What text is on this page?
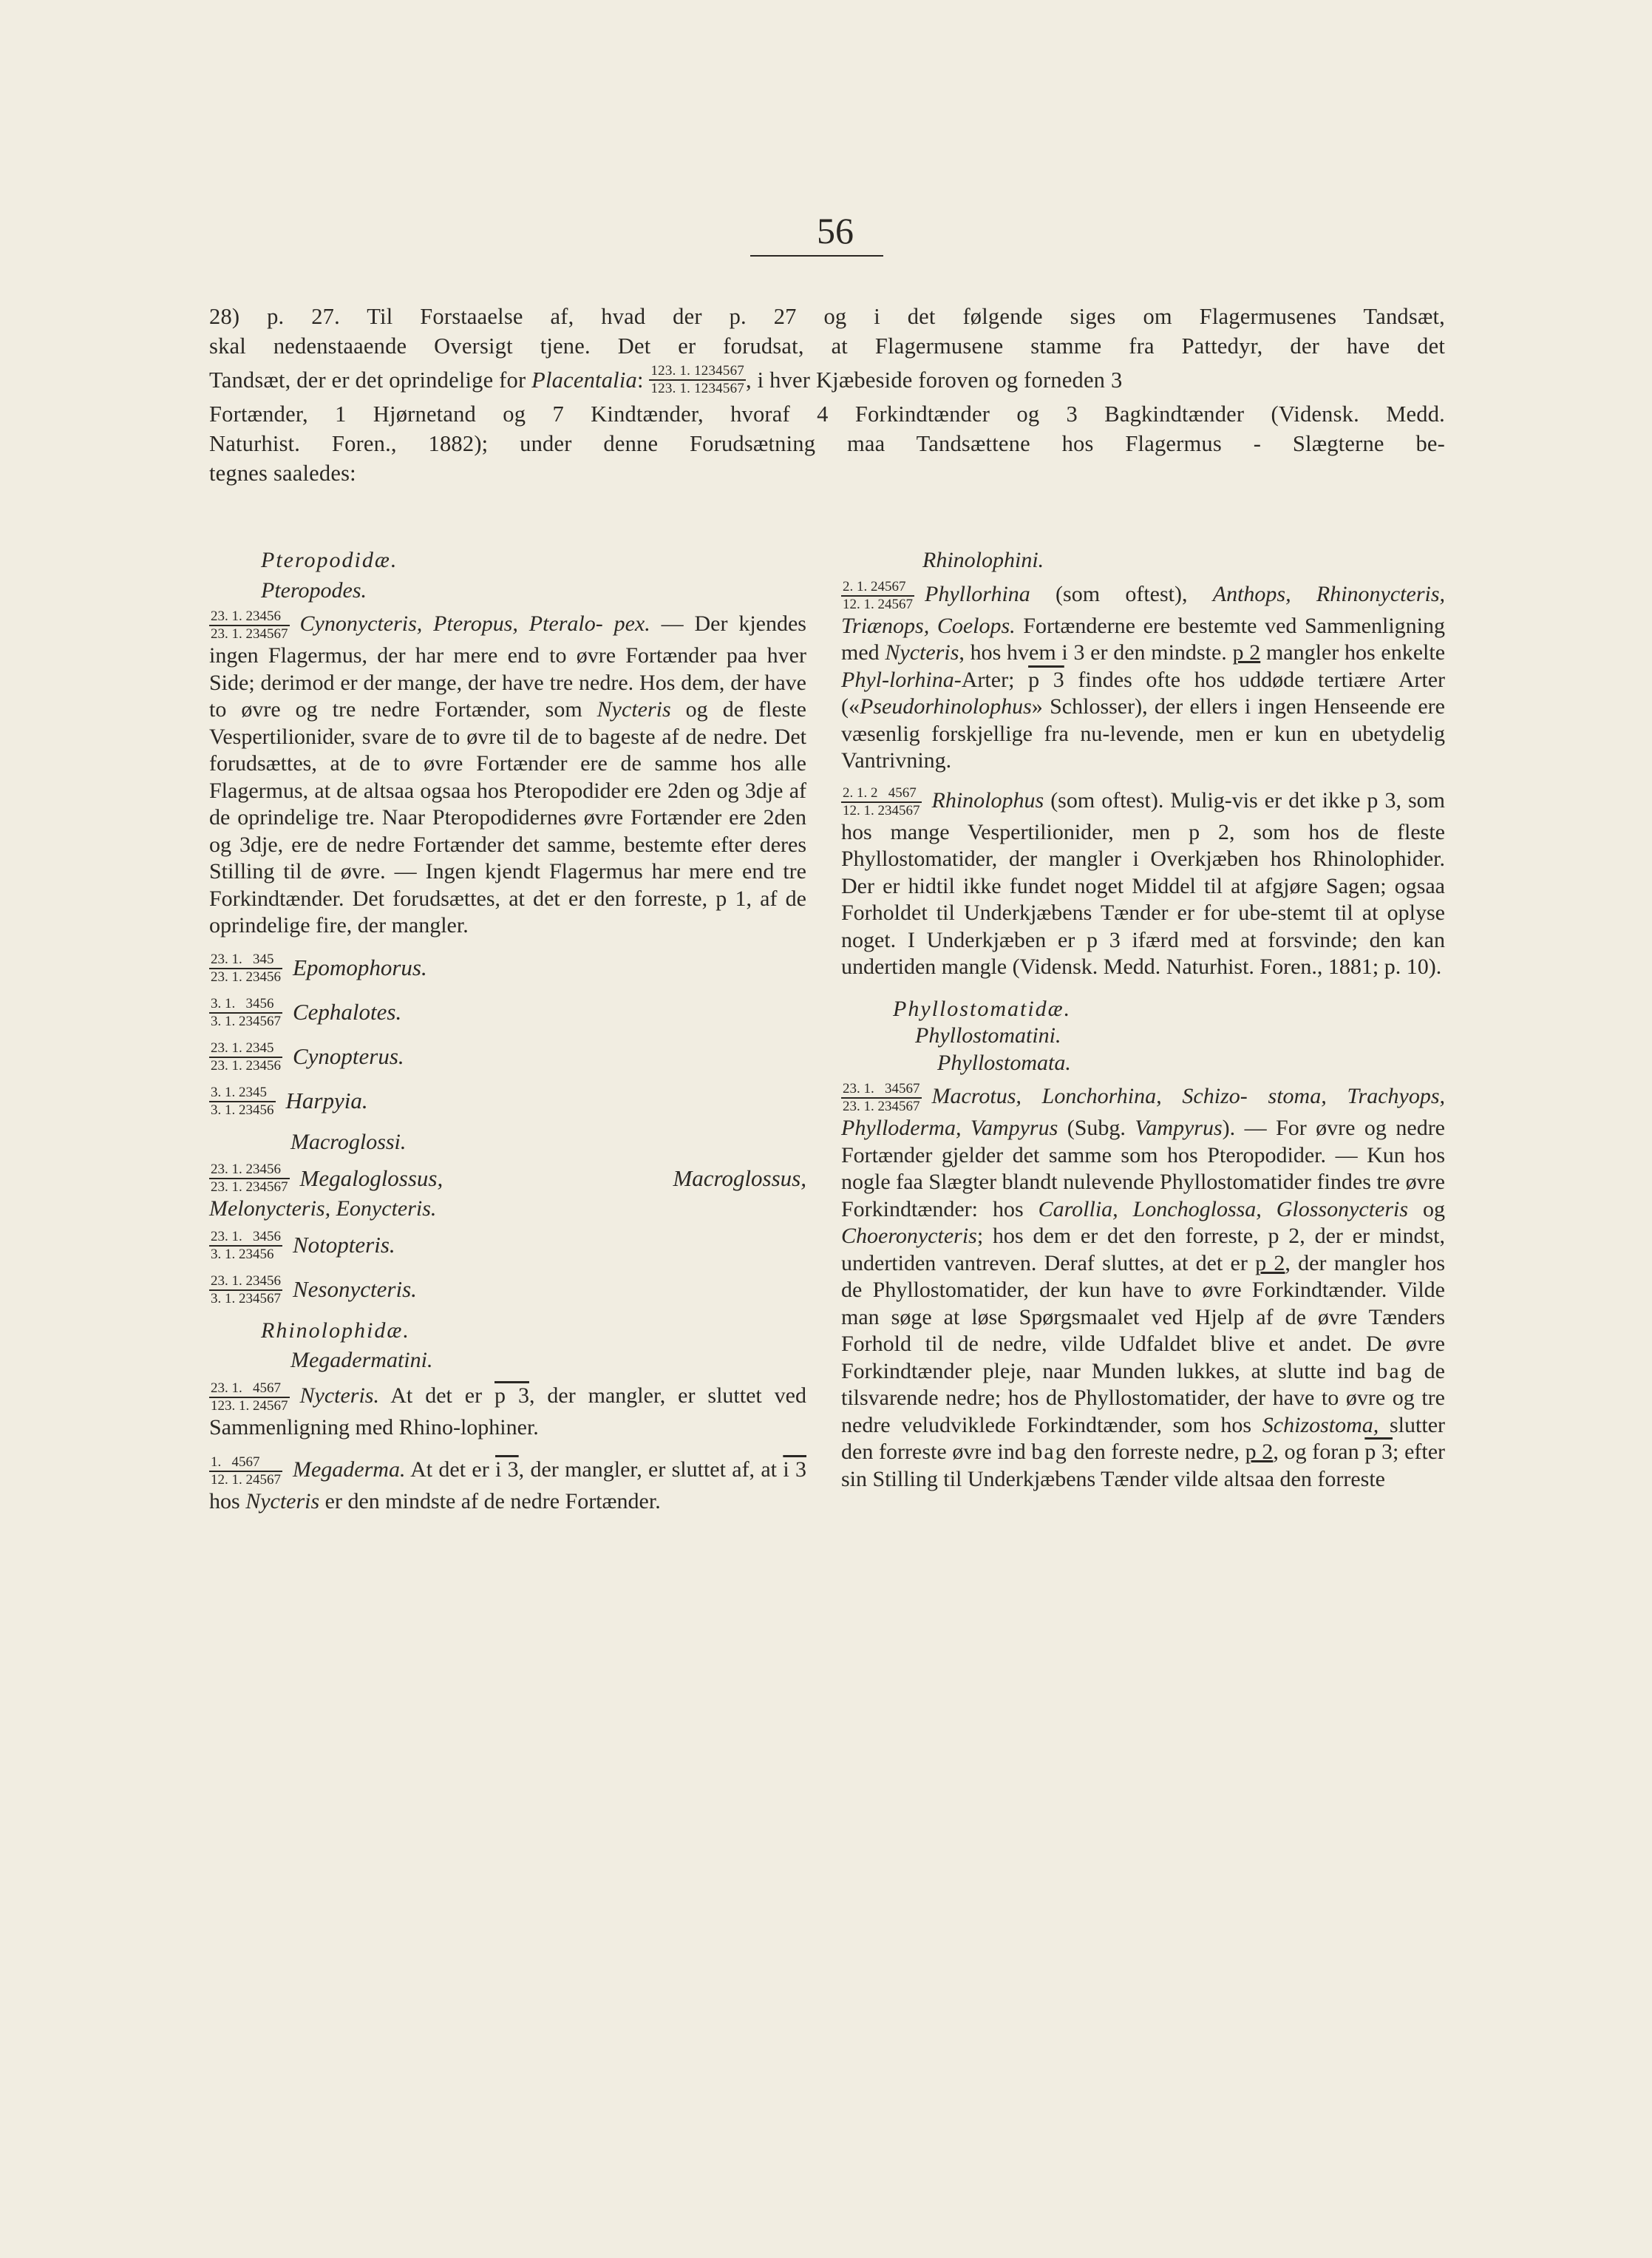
56
28) p. 27. Til Forstaaelse af, hvad der p. 27 og i det følgende siges om Flagermusenes Tandsæt,
skal nedenstaaende Oversigt tjene. Det er forudsat, at Flagermusene stamme fra Pattedyr, der have det
Tandsæt, der er det oprindelige for
Placentalia : $\frac{123. 1. 1234567}{123. 1. 1234567}$ , i hver Kjæbeside foroven og forneden 3
Fortænder, 1 Hjørnetand og 7 Kindtænder, hvoraf 4 Forkindtænder og 3 Bagkindtænder (Vidensk. Medd.
Naturhist. Foren., 1882); under denne Forudsætning maa Tandsættene hos Flagermus - Slægterne be-
tegnes saaledes:
Pteropodidæ.
Pteropodes.

$\frac{23. 1. 23456}{23. 1. 234567}$ Cynonycteris, Pteropus, Pteralo- pex. — Der kjendes ingen Flagermus, der har mere end to øvre Fortænder paa hver Side; derimod er der mange, der have tre nedre. Hos dem, der have to øvre og tre nedre Fortænder, som Nycteris og de fleste Vespertilionider, svare de to øvre til de to bageste af de nedre. Det forudsættes, at de to øvre Fortænder ere de samme hos alle Flagermus, at de altsaa ogsaa hos Pteropodider ere 2den og 3dje af de oprindelige tre. Naar Pteropodidernes øvre Fortænder ere 2den og 3dje, ere de nedre Fortænder det samme, bestemte efter deres Stilling til de øvre. — Ingen kjendt Flagermus har mere end tre Forkindtænder. Det forudsættes, at det er den forreste, p 1, af de oprindelige fire, der mangler.

$\frac{23. 1. 345}{23. 1. 23456}$ Epomophorus.
$\frac{3. 1. 3456}{3. 1. 234567}$ Cephalotes.
$\frac{23. 1. 2345}{23. 1. 23456}$ Cynopterus.
$\frac{3. 1. 2345}{3. 1. 23456}$ Harpyia.
Macroglossi.
$\frac{23. 1. 23456}{23. 1. 234567}$ Megaloglossus, Macroglossus,
Melonycteris, Eonycteris.
$\frac{23. 1. 3456}{3. 1. 23456}$ Notopteris.
$\frac{23. 1. 23456}{3. 1. 234567}$ Nesonycteris.
Rhinolophidæ.
Megadermatini.

$\frac{23. 1. 4567}{123. 1. 24567}$ Nycteris. At det er p 3, der mangler, er sluttet ved Sammenligning med Rhino-lophiner.

$\frac{1. 4567}{12. 1. 24567}$ Megaderma. At det er i 3, der mangler, er sluttet af, at i 3 hos Nycteris er den mindste af de nedre Fortænder.

Rhinolophini.

$\frac{2. 1. 24567}{12. 1. 24567}$ Phyllorhina (som oftest), Anthops, Rhinonycteris, Triænops, Coelops. Fortænderne ere bestemte ved Sammenligning med Nycteris, hos hvem i 3 er den mindste. p 2 mangler hos enkelte Phyl-lorhina-Arter; p 3 findes ofte hos uddøde tertiære Arter («Pseudorhinolophus» Schlosser), der ellers i ingen Henseende ere væsenlig forskjellige fra nu-levende, men er kun en ubetydelig Vantrivning.

$\frac{2. 1. 2 4567}{12. 1. 234567}$ Rhinolophus (som oftest). Mulig-vis er det ikke p 3, som hos mange Vespertilionider, men p 2, som hos de fleste Phyllostomatider, der mangler i Overkjæben hos Rhinolophider. Der er hidtil ikke fundet noget Middel til at afgjøre Sagen; ogsaa Forholdet til Underkjæbens Tænder er for ube-stemt til at oplyse noget. I Underkjæben er p 3 ifærd med at forsvinde; den kan undertiden mangle (Vidensk. Medd. Naturhist. Foren., 1881; p. 10).

Phyllostomatidæ.
Phyllostomatini.
Phyllostomata.

$\frac{23. 1. 34567}{23. 1. 234567}$ Macrotus, Lonchorhina, Schizo- stoma, Trachyops, Phylloderma, Vampyrus (Subg. Vampyrus). — For øvre og nedre Fortænder gjelder det samme som hos Pteropodider. — Kun hos nogle faa Slægter blandt nulevende Phyllostomatider findes tre øvre Forkindtænder: hos Carollia, Lonchoglossa, Glossonycteris og Choeronycteris; hos dem er det den forreste, p 2, der er mindst, undertiden vantreven. Deraf sluttes, at det er p 2, der mangler hos de Phyllostomatider, der kun have to øvre Forkindtænder. Vilde man søge at løse Spørgsmaalet ved Hjelp af de øvre Tænders Forhold til de nedre, vilde Udfaldet blive et andet. De øvre Forkindtænder pleje, naar Munden lukkes, at slutte ind bag de tilsvarende nedre; hos de Phyllostomatider, der have to øvre og tre nedre veludviklede Forkindtænder, som hos Schizostoma, slutter den forreste øvre ind bag den forreste nedre, p 2, og foran p 3; efter sin Stilling til Underkjæbens Tænder vilde altsaa den forreste
